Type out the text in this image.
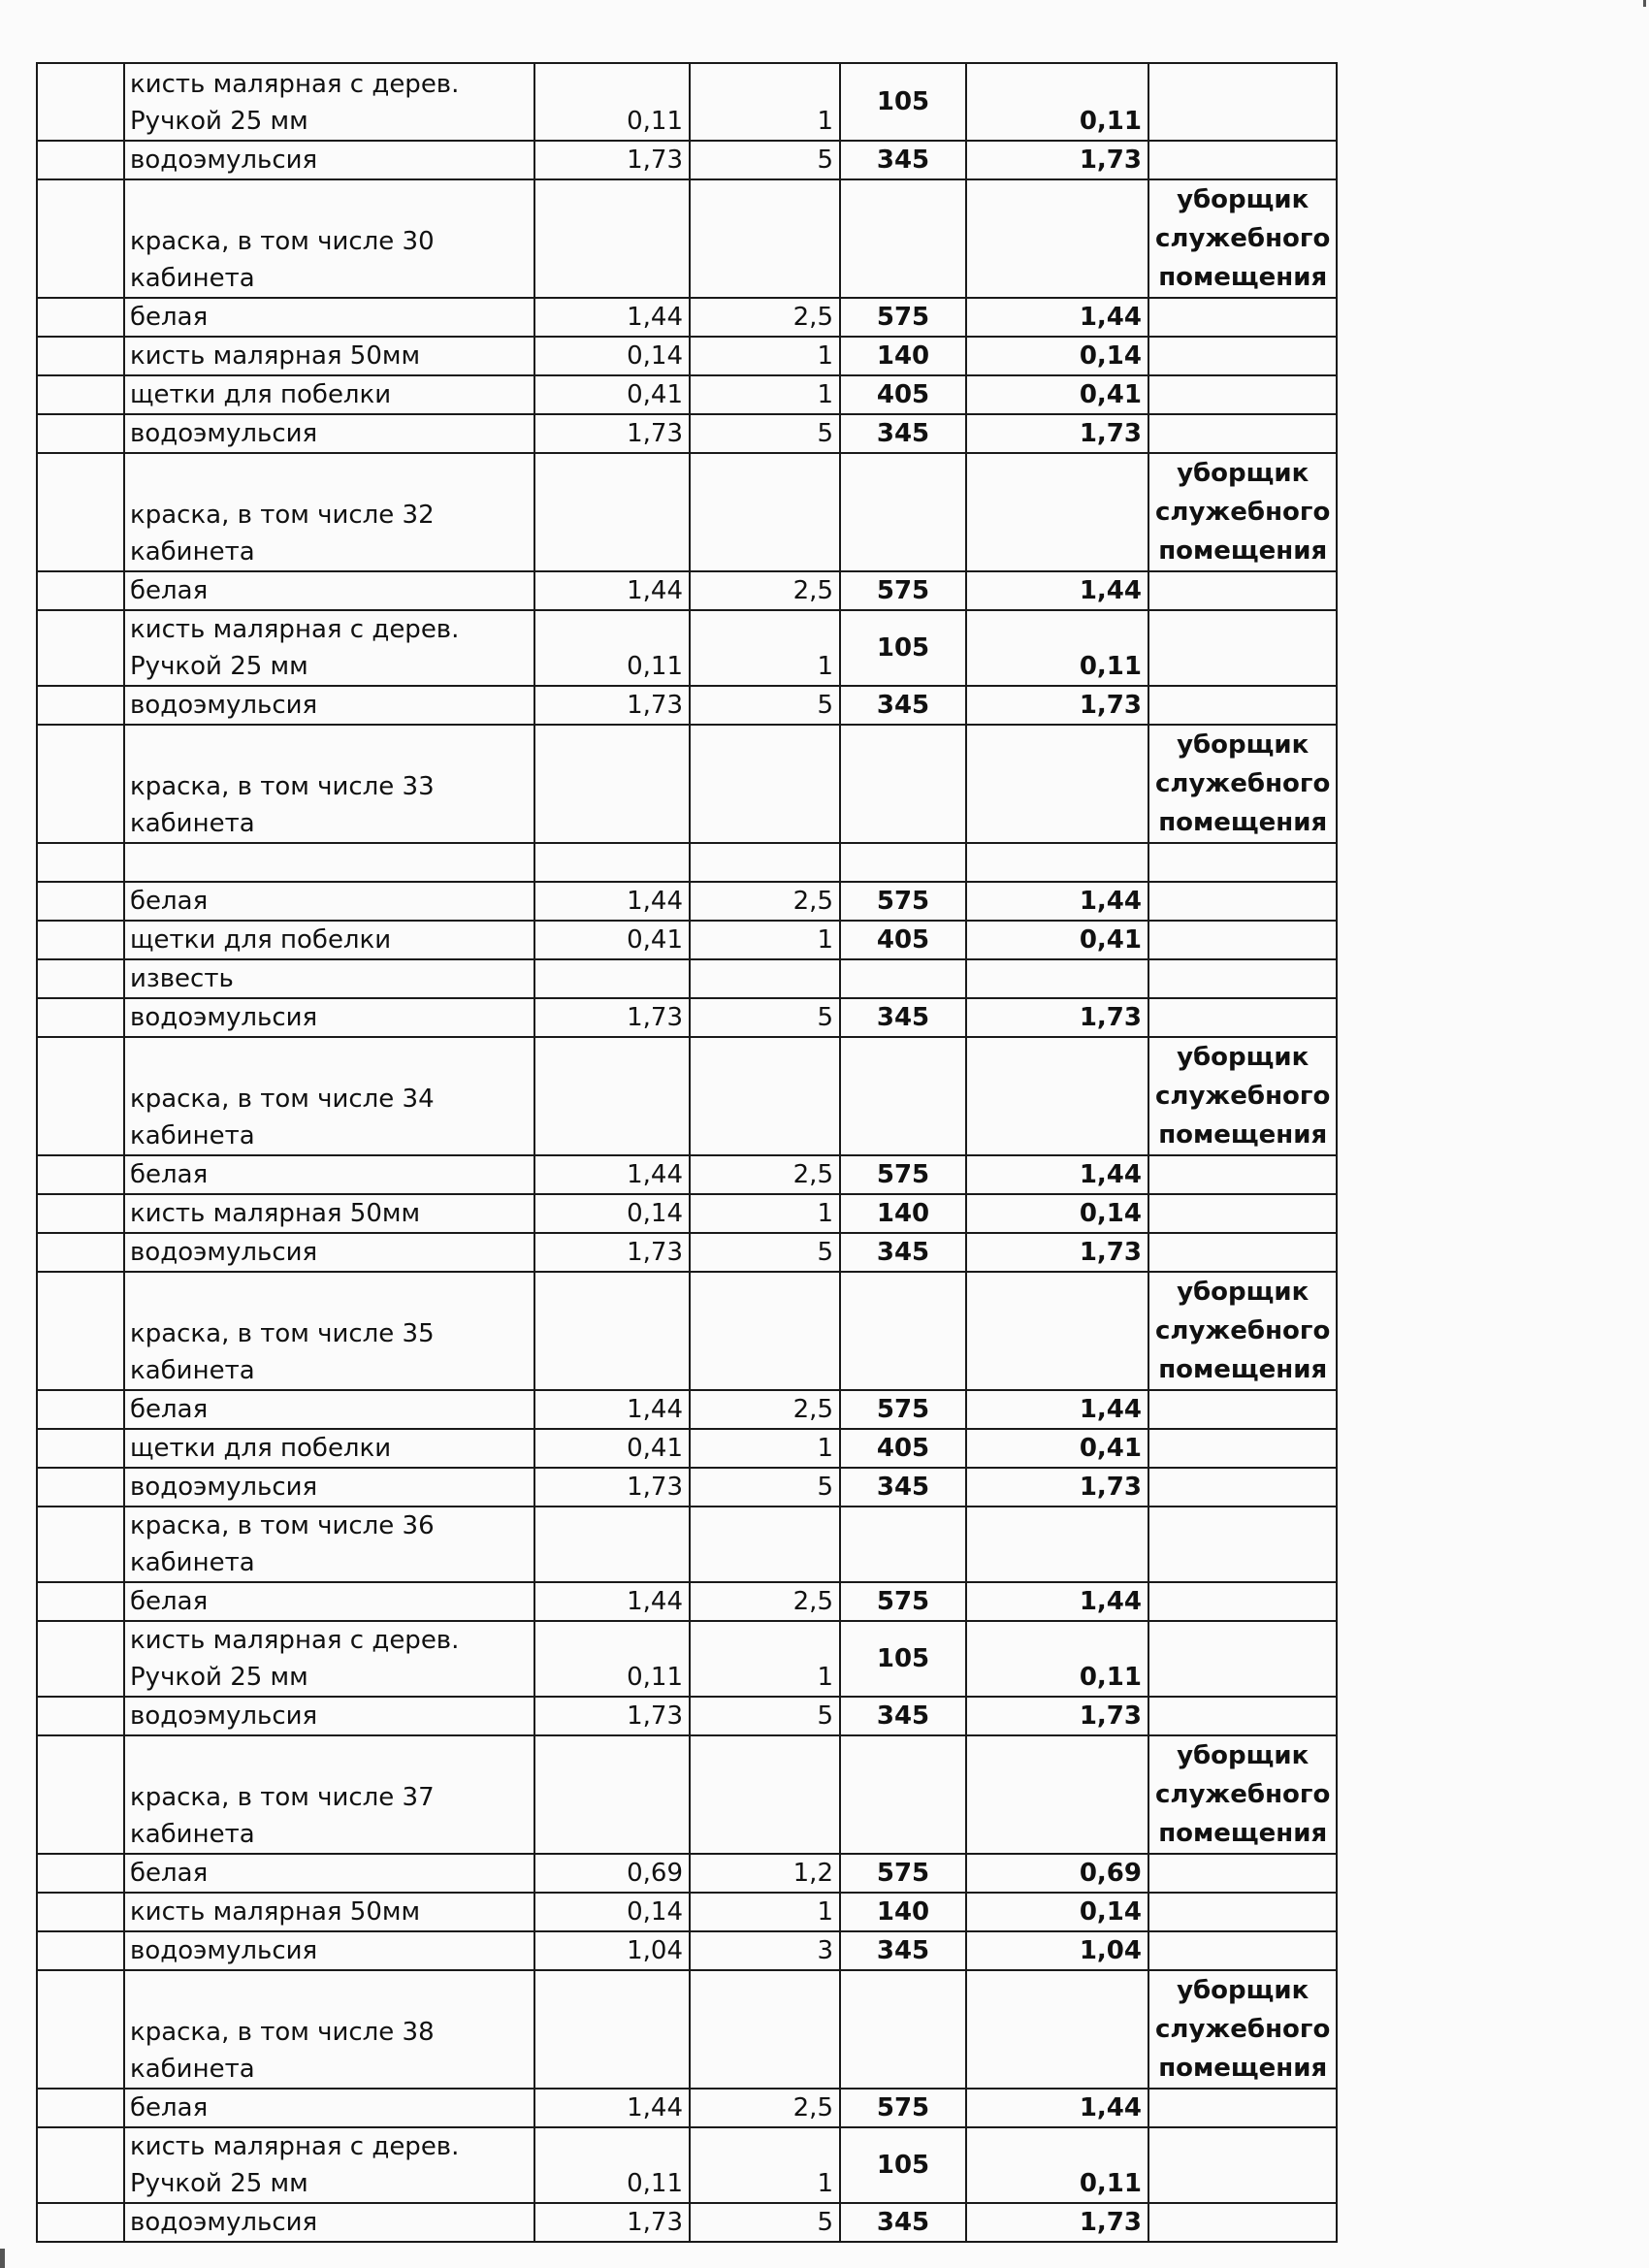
	кисть малярная с дерев.
Ручкой 25 мм	0,11	1	105	0,11	
	водоэмульсия	1,73	5	345	1,73	
	краска, в том числе 30
кабинета					уборщик
служебного
помещения
	белая	1,44	2,5	575	1,44	
	кисть малярная 50мм	0,14	1	140	0,14	
	щетки для побелки	0,41	1	405	0,41	
	водоэмульсия	1,73	5	345	1,73	
	краска, в том числе 32
кабинета					уборщик
служебного
помещения
	белая	1,44	2,5	575	1,44	
	кисть малярная с дерев.
Ручкой 25 мм	0,11	1	105	0,11	
	водоэмульсия	1,73	5	345	1,73	
	краска, в том числе 33
кабинета					уборщик
служебного
помещения

	белая	1,44	2,5	575	1,44	
	щетки для побелки	0,41	1	405	0,41	
	известь					
	водоэмульсия	1,73	5	345	1,73	
	краска, в том числе 34
кабинета					уборщик
служебного
помещения
	белая	1,44	2,5	575	1,44	
	кисть малярная 50мм	0,14	1	140	0,14	
	водоэмульсия	1,73	5	345	1,73	
	краска, в том числе 35
кабинета					уборщик
служебного
помещения
	белая	1,44	2,5	575	1,44	
	щетки для побелки	0,41	1	405	0,41	
	водоэмульсия	1,73	5	345	1,73	
	краска, в том числе 36
кабинета					
	белая	1,44	2,5	575	1,44	
	кисть малярная с дерев.
Ручкой 25 мм	0,11	1	105	0,11	
	водоэмульсия	1,73	5	345	1,73	
	краска, в том числе 37
кабинета					уборщик
служебного
помещения
	белая	0,69	1,2	575	0,69	
	кисть малярная 50мм	0,14	1	140	0,14	
	водоэмульсия	1,04	3	345	1,04	
	краска, в том числе 38
кабинета					уборщик
служебного
помещения
	белая	1,44	2,5	575	1,44	
	кисть малярная с дерев.
Ручкой 25 мм	0,11	1	105	0,11	
	водоэмульсия	1,73	5	345	1,73	
